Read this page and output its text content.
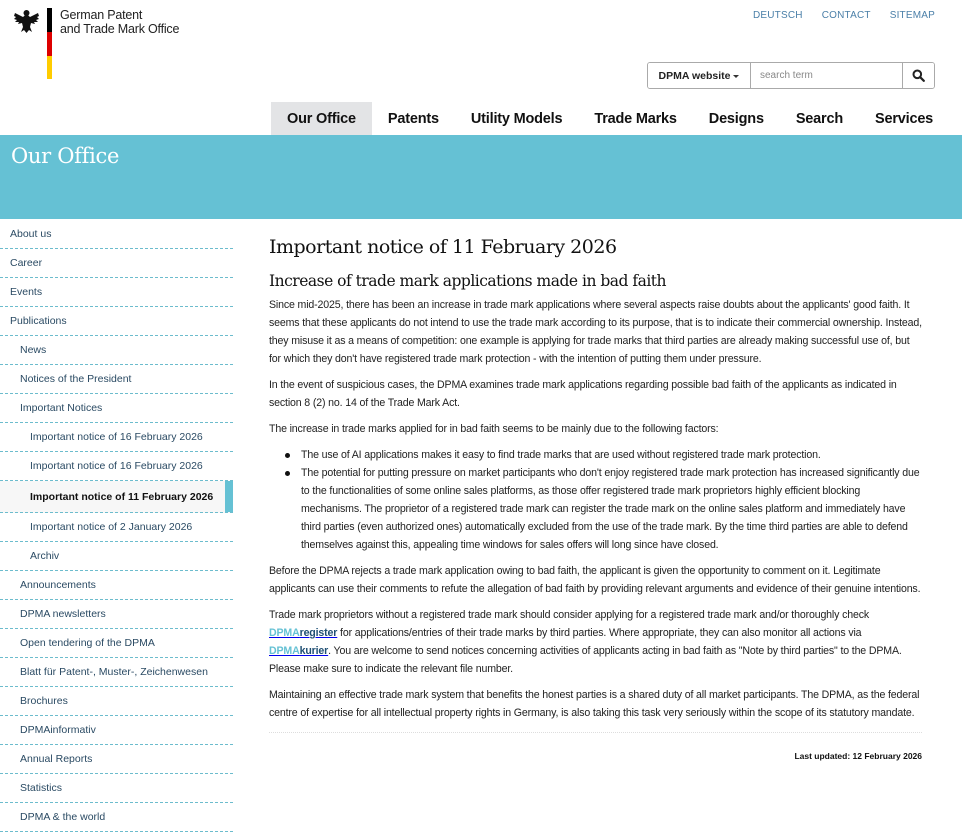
German Patent
and Trade Mark Office
DEUTSCH CONTACT SITEMAP
DPMA website
search term
Our Office	Patents	Utility Models	Trade Marks	Designs	Search	Services
Our Office
About us
Career
Events
Publications
News
Notices of the President
Important Notices
Important notice of 16 February 2026
Important notice of 16 February 2026
Important notice of 11 February 2026
Important notice of 2 January 2026
Archiv
Announcements
DPMA newsletters
Open tendering of the DPMA
Blatt für Patent-, Muster-, Zeichenwesen
Brochures
DPMAinformativ
Annual Reports
Statistics
DPMA & the world
Important notice of 11 February 2026
Increase of trade mark applications made in bad faith

Since mid-2025, there has been an increase in trade mark applications where several aspects raise doubts about the applicants' good faith. It seems that these applicants do not intend to use the trade mark according to its purpose, that is to indicate their commercial ownership. Instead, they misuse it as a means of competition: one example is applying for trade marks that third parties are already making successful use of, but for which they don't have registered trade mark protection - with the intention of putting them under pressure.

In the event of suspicious cases, the DPMA examines trade mark applications regarding possible bad faith of the applicants as indicated in section 8 (2) no. 14 of the Trade Mark Act.

The increase in trade marks applied for in bad faith seems to be mainly due to the following factors:

The use of AI applications makes it easy to find trade marks that are used without registered trade mark protection.
The potential for putting pressure on market participants who don't enjoy registered trade mark protection has increased significantly due to the functionalities of some online sales platforms, as those offer registered trade mark proprietors highly efficient blocking mechanisms. The proprietor of a registered trade mark can register the trade mark on the online sales platform and immediately have third parties (even authorized ones) automatically excluded from the use of the trade mark. By the time third parties are able to defend themselves against this, appealing time windows for sales offers will long since have closed.

Before the DPMA rejects a trade mark application owing to bad faith, the applicant is given the opportunity to comment on it. Legitimate applicants can use their comments to refute the allegation of bad faith by providing relevant arguments and evidence of their genuine intentions.

Trade mark proprietors without a registered trade mark should consider applying for a registered trade mark and/or thoroughly check DPMAregister for applications/entries of their trade marks by third parties. Where appropriate, they can also monitor all actions via DPMAkurier. You are welcome to send notices concerning activities of applicants acting in bad faith as "Note by third parties" to the DPMA. Please make sure to indicate the relevant file number.

Maintaining an effective trade mark system that benefits the honest parties is a shared duty of all market participants. The DPMA, as the federal centre of expertise for all intellectual property rights in Germany, is also taking this task very seriously within the scope of its statutory mandate.

Last updated: 12 February 2026
